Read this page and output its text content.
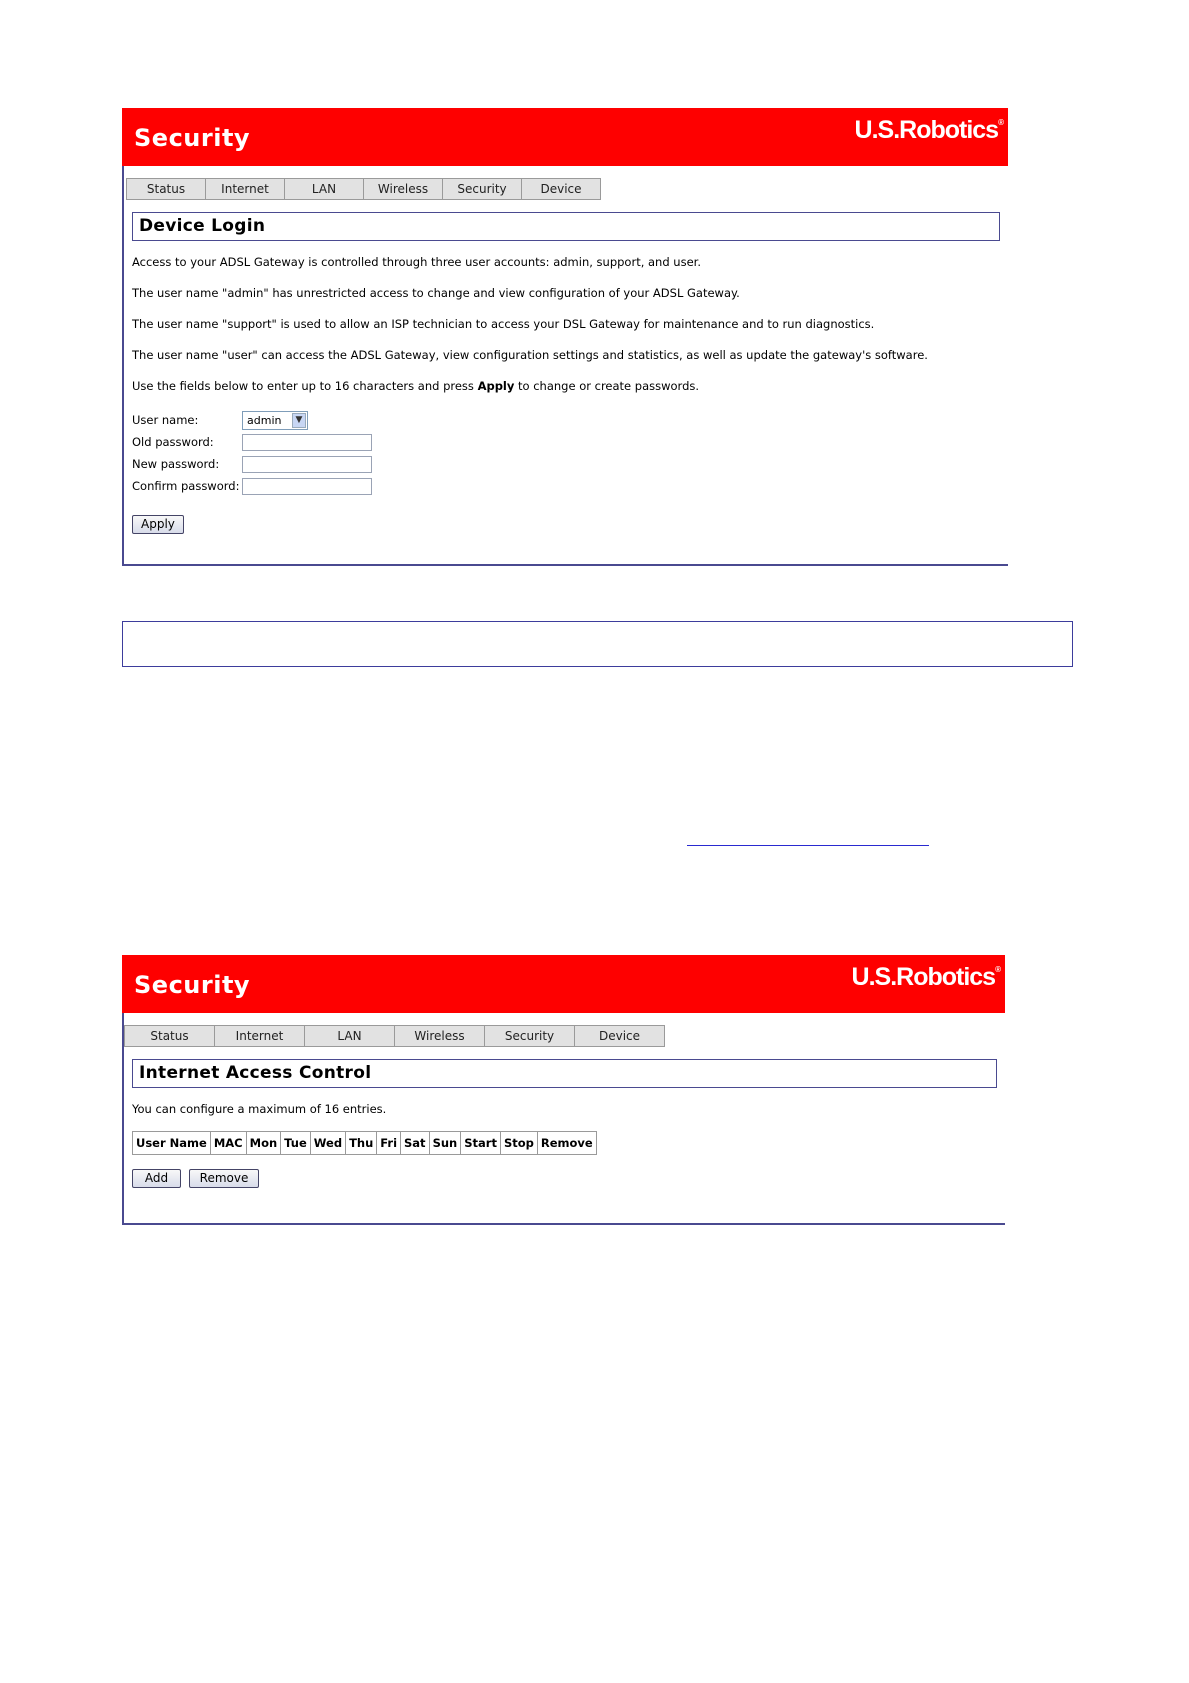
Security	U.S.Robotics®
Status	Internet	LAN	Wireless	Security	Device
Device Login

Access to your ADSL Gateway is controlled through three user accounts: admin, support, and user.

The user name "admin" has unrestricted access to change and view configuration of your ADSL Gateway.

The user name "support" is used to allow an ISP technician to access your DSL Gateway for maintenance and to run diagnostics.

The user name "user" can access the ADSL Gateway, view configuration settings and statistics, as well as update the gateway's software.

Use the fields below to enter up to 16 characters and press Apply to change or create passwords.

User name:	admin	▼
Old password:
New password:
Confirm password:
Apply
Security	U.S.Robotics®
Status	Internet	LAN	Wireless	Security	Device
Internet Access Control

You can configure a maximum of 16 entries.

User Name	MAC	Mon	Tue	Wed	Thu	Fri	Sat	Sun	Start	Stop	Remove
Add	Remove
